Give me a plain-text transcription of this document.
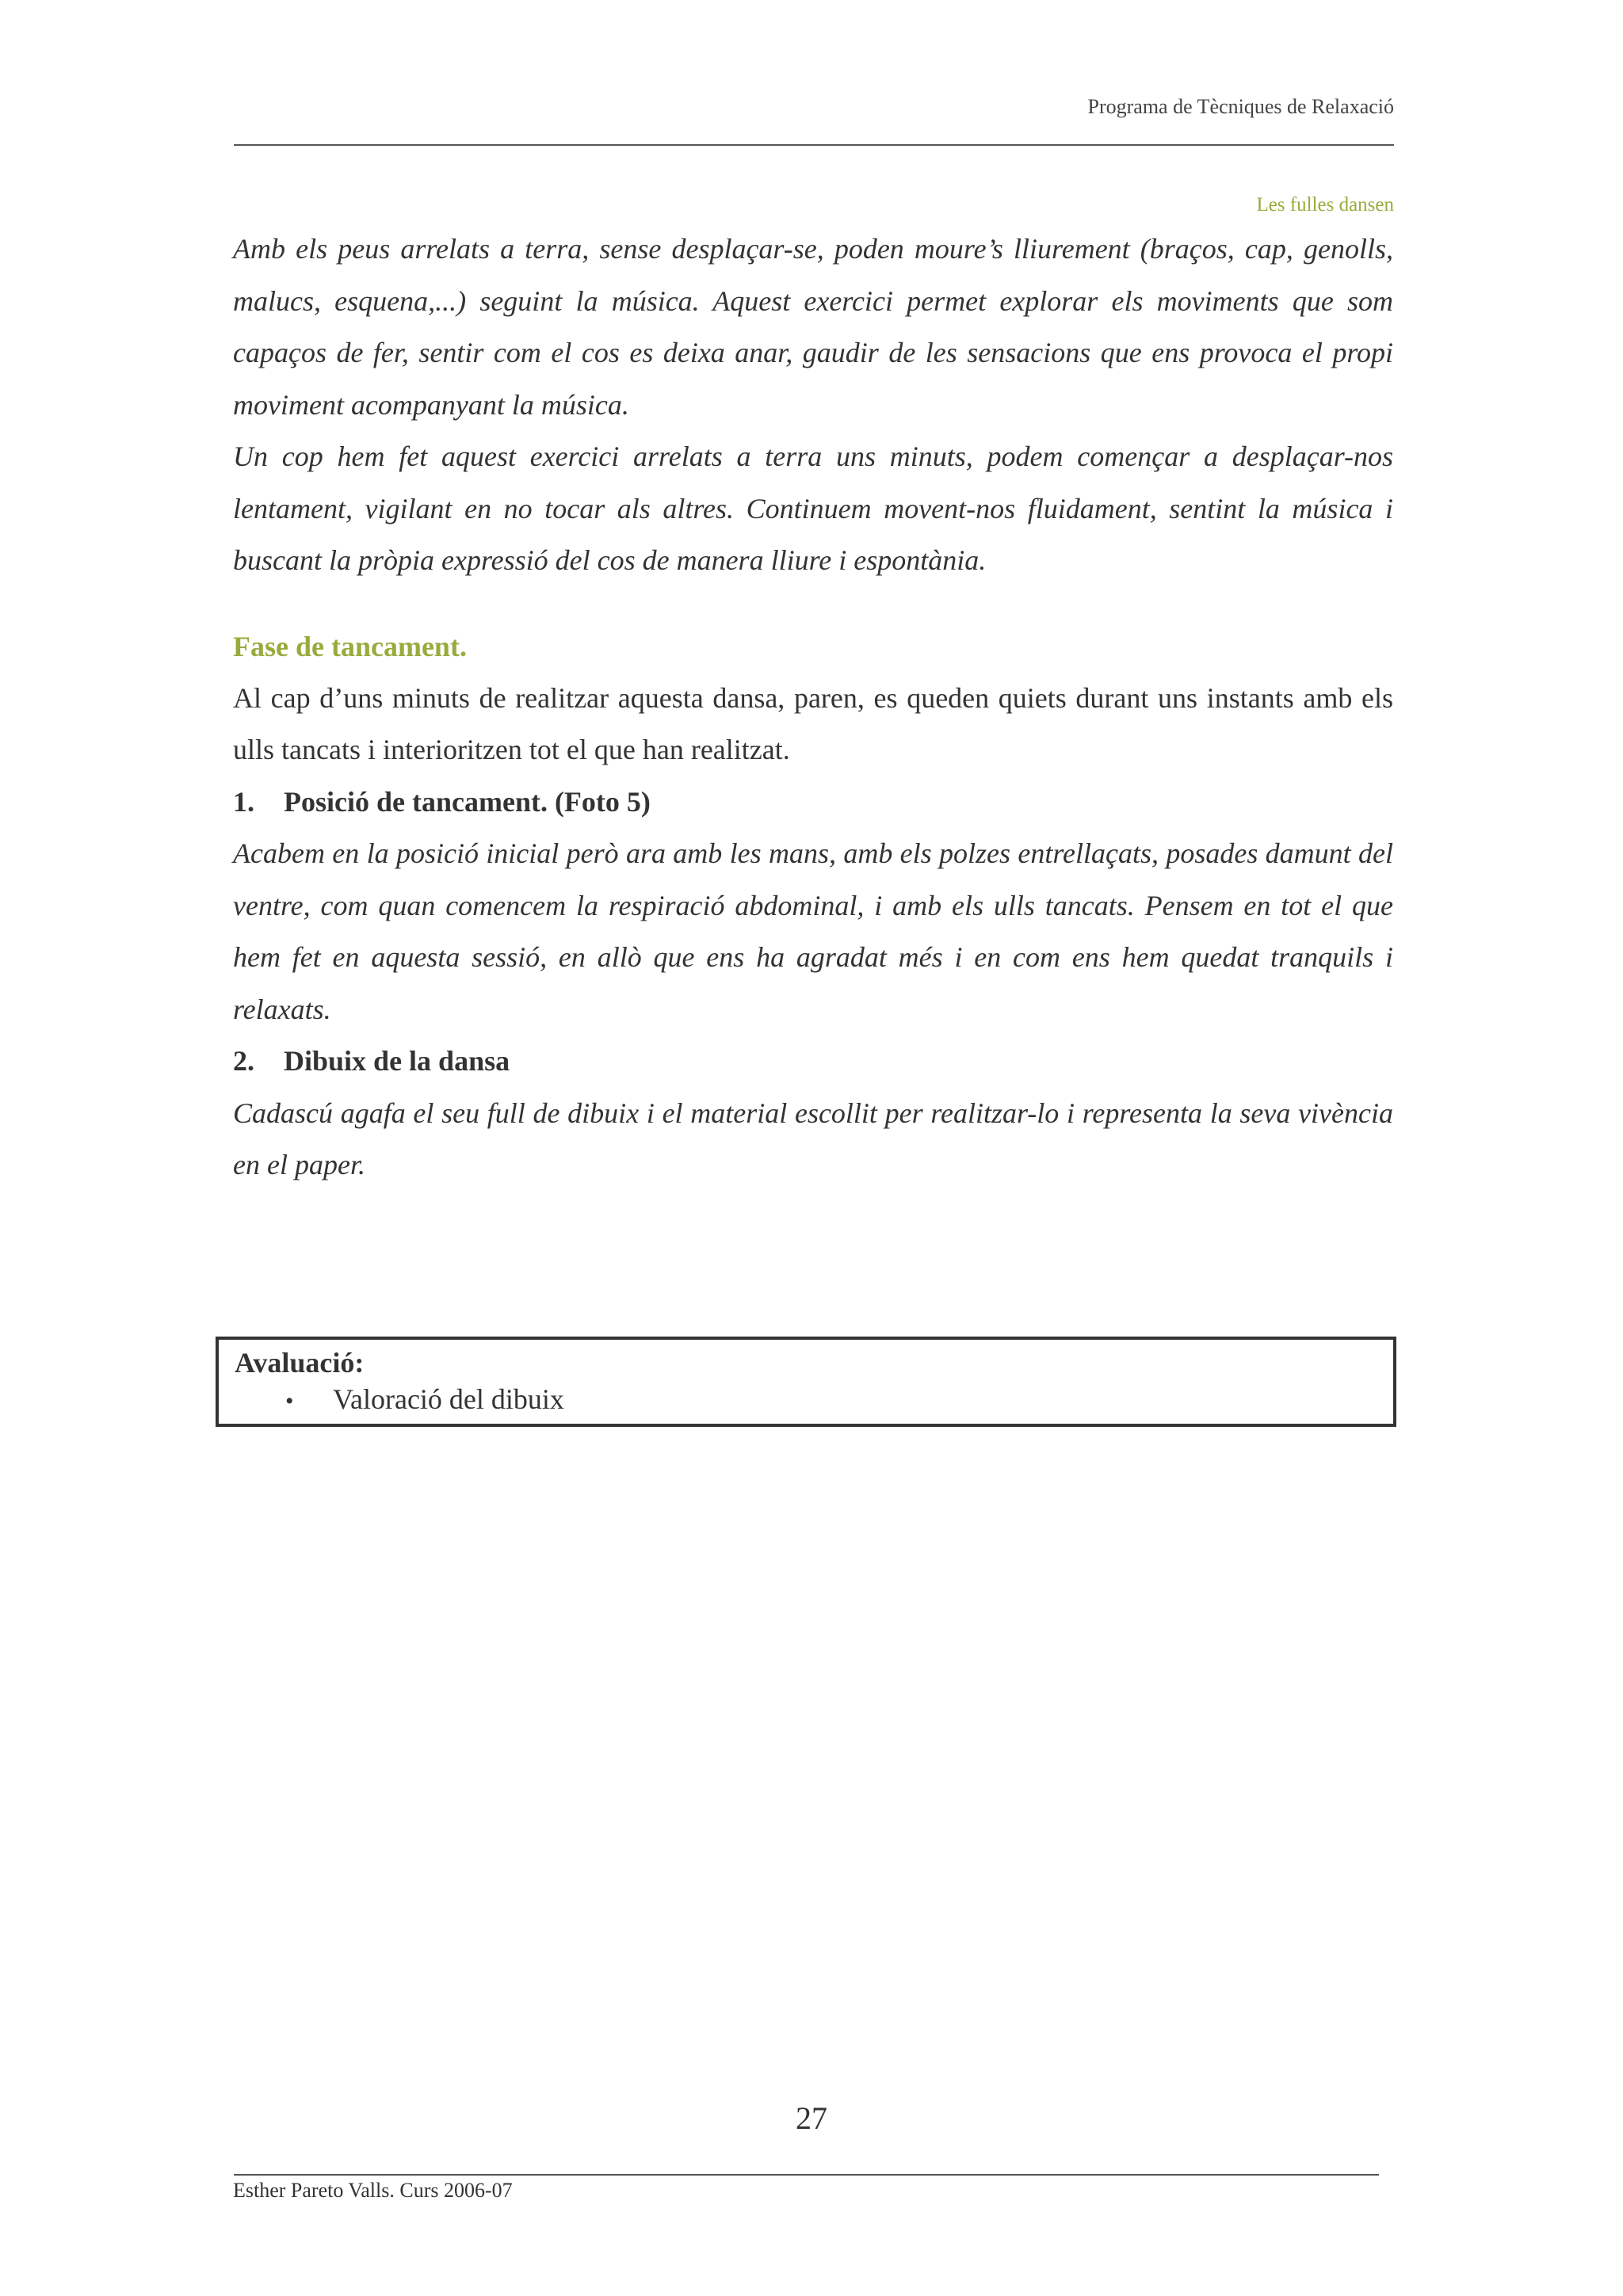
Programa de Tècniques de Relaxació
Les fulles dansen

Amb els peus arrelats a terra, sense desplaçar-se, poden moure’s lliurement (braços, cap, genolls, malucs, esquena,...) seguint la música. Aquest exercici permet explorar els moviments que som capaços de fer, sentir com el cos es deixa anar, gaudir de les sensacions que ens provoca el propi moviment acompanyant la música.

Un cop hem fet aquest exercici arrelats a terra uns minuts, podem començar a desplaçar-nos lentament, vigilant en no tocar als altres. Continuem movent-nos fluidament, sentint la música i buscant la pròpia expressió del cos de manera lliure i espontània.

Fase de tancament.

Al cap d’uns minuts de realitzar aquesta dansa, paren, es queden quiets durant uns instants amb els ulls tancats i interioritzen tot el que han realitzat.

1. Posició de tancament. (Foto 5)

Acabem en la posició inicial però ara amb les mans, amb els polzes entrellaçats, posades damunt del ventre, com quan comencem la respiració abdominal, i amb els ulls tancats. Pensem en tot el que hem fet en aquesta sessió, en allò que ens ha agradat més i en com ens hem quedat tranquils i relaxats.

2. Dibuix de la dansa

Cadascú agafa el seu full de dibuix i el material escollit per realitzar-lo i representa la seva vivència en el paper.

Avaluació:
• Valoració del dibuix
27
Esther Pareto Valls. Curs 2006-07
